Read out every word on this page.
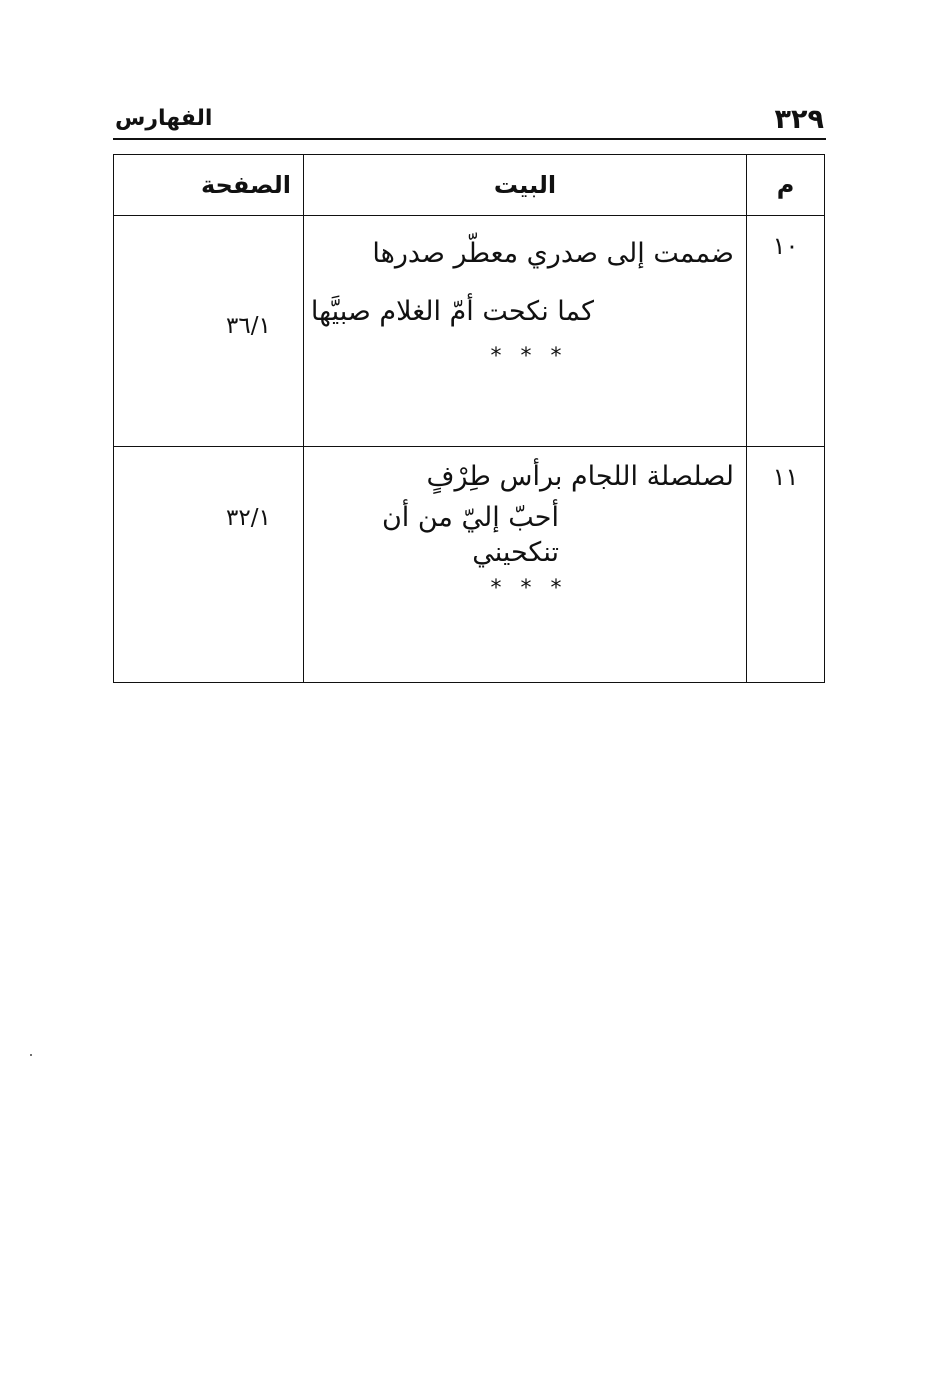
٣٢٩
الفهارس
م	البيت	الصفحة
١٠	ضممت إلى صدري معطّر صدرها
كما نكحت أمّ الغلام صبيَّها
* * *	٣٦/١

١١	لصلصلة اللجام برأس طِرْفٍ
أحبّ إليّ من أن تنكحيني
* * *	٣٢/١
